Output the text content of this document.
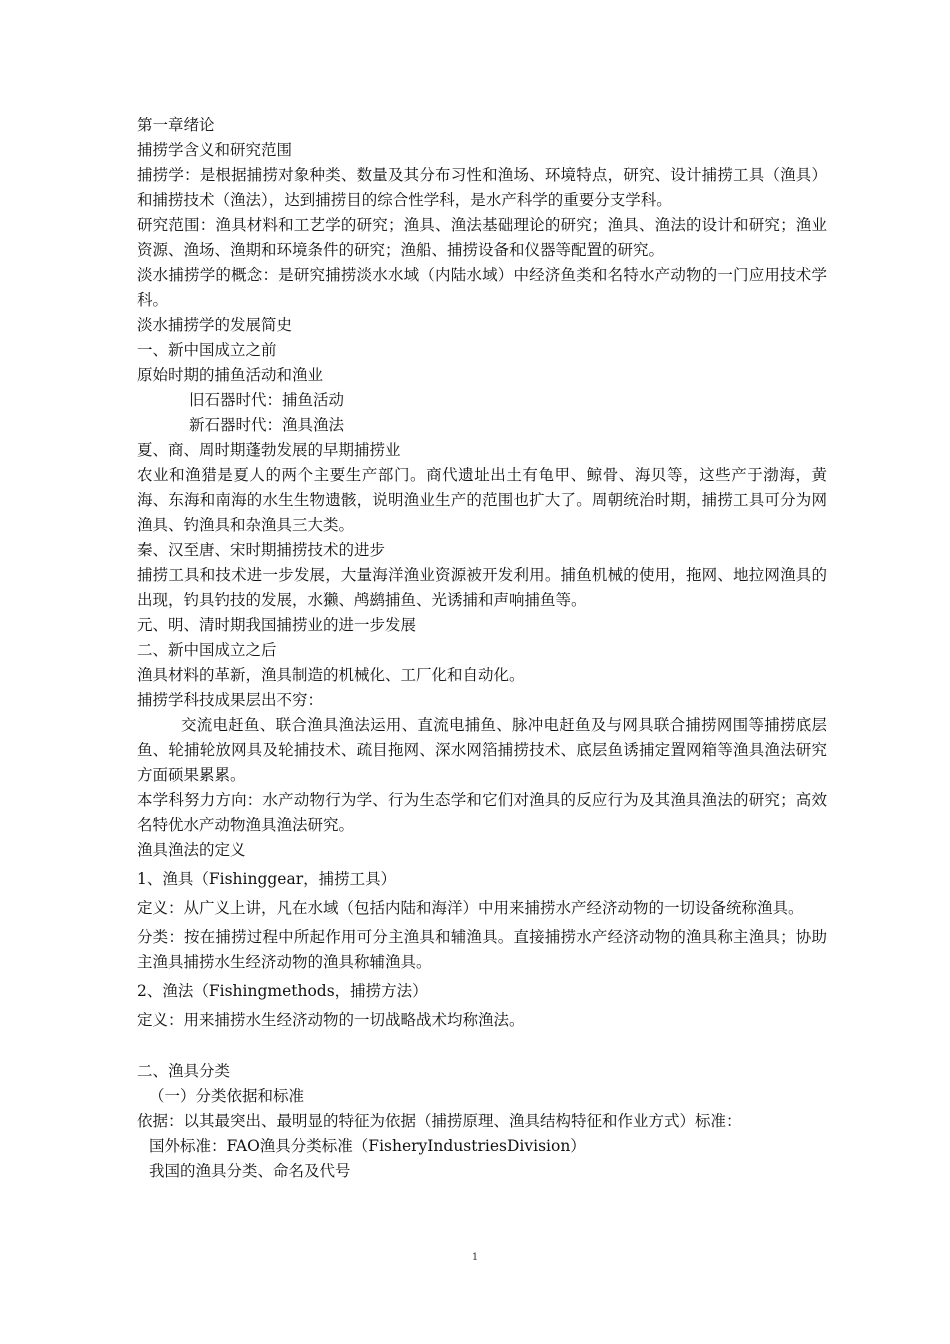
第一章绪论

捕捞学含义和研究范围

捕捞学：是根据捕捞对象种类、数量及其分布习性和渔场、环境特点，研究、设计捕捞工具（渔具）和捕捞技术（渔法），达到捕捞目的综合性学科，是水产科学的重要分支学科。

研究范围：渔具材料和工艺学的研究；渔具、渔法基础理论的研究；渔具、渔法的设计和研究；渔业资源、渔场、渔期和环境条件的研究；渔船、捕捞设备和仪器等配置的研究。

淡水捕捞学的概念：是研究捕捞淡水水域（内陆水域）中经济鱼类和名特水产动物的一门应用技术学科。

淡水捕捞学的发展简史

一、新中国成立之前

原始时期的捕鱼活动和渔业

旧石器时代：捕鱼活动

新石器时代：渔具渔法

夏、商、周时期蓬勃发展的早期捕捞业

农业和渔猎是夏人的两个主要生产部门。商代遗址出土有龟甲、鲸骨、海贝等，这些产于渤海，黄海、东海和南海的水生生物遗骸，说明渔业生产的范围也扩大了。周朝统治时期，捕捞工具可分为网渔具、钓渔具和杂渔具三大类。

秦、汉至唐、宋时期捕捞技术的进步

捕捞工具和技术进一步发展，大量海洋渔业资源被开发利用。捕鱼机械的使用，拖网、地拉网渔具的出现，钓具钓技的发展，水獭、鸬鹚捕鱼、光诱捕和声响捕鱼等。

元、明、清时期我国捕捞业的进一步发展

二、新中国成立之后

渔具材料的革新，渔具制造的机械化、工厂化和自动化。

捕捞学科技成果层出不穷：

交流电赶鱼、联合渔具渔法运用、直流电捕鱼、脉冲电赶鱼及与网具联合捕捞网围等捕捞底层鱼、轮捕轮放网具及轮捕技术、疏目拖网、深水网箔捕捞技术、底层鱼诱捕定置网箱等渔具渔法研究方面硕果累累。

本学科努力方向：水产动物行为学、行为生态学和它们对渔具的反应行为及其渔具渔法的研究；高效名特优水产动物渔具渔法研究。

渔具渔法的定义

1、渔具（Fishinggear，捕捞工具）

定义：从广义上讲，凡在水域（包括内陆和海洋）中用来捕捞水产经济动物的一切设备统称渔具。

分类：按在捕捞过程中所起作用可分主渔具和辅渔具。直接捕捞水产经济动物的渔具称主渔具；协助主渔具捕捞水生经济动物的渔具称辅渔具。

2、渔法（Fishingmethods，捕捞方法）

定义：用来捕捞水生经济动物的一切战略战术均称渔法。

二、渔具分类

（一）分类依据和标准

依据：以其最突出、最明显的特征为依据（捕捞原理、渔具结构特征和作业方式）标准：

国外标准：FAO渔具分类标准（FisheryIndustriesDivision）

我国的渔具分类、命名及代号

1
